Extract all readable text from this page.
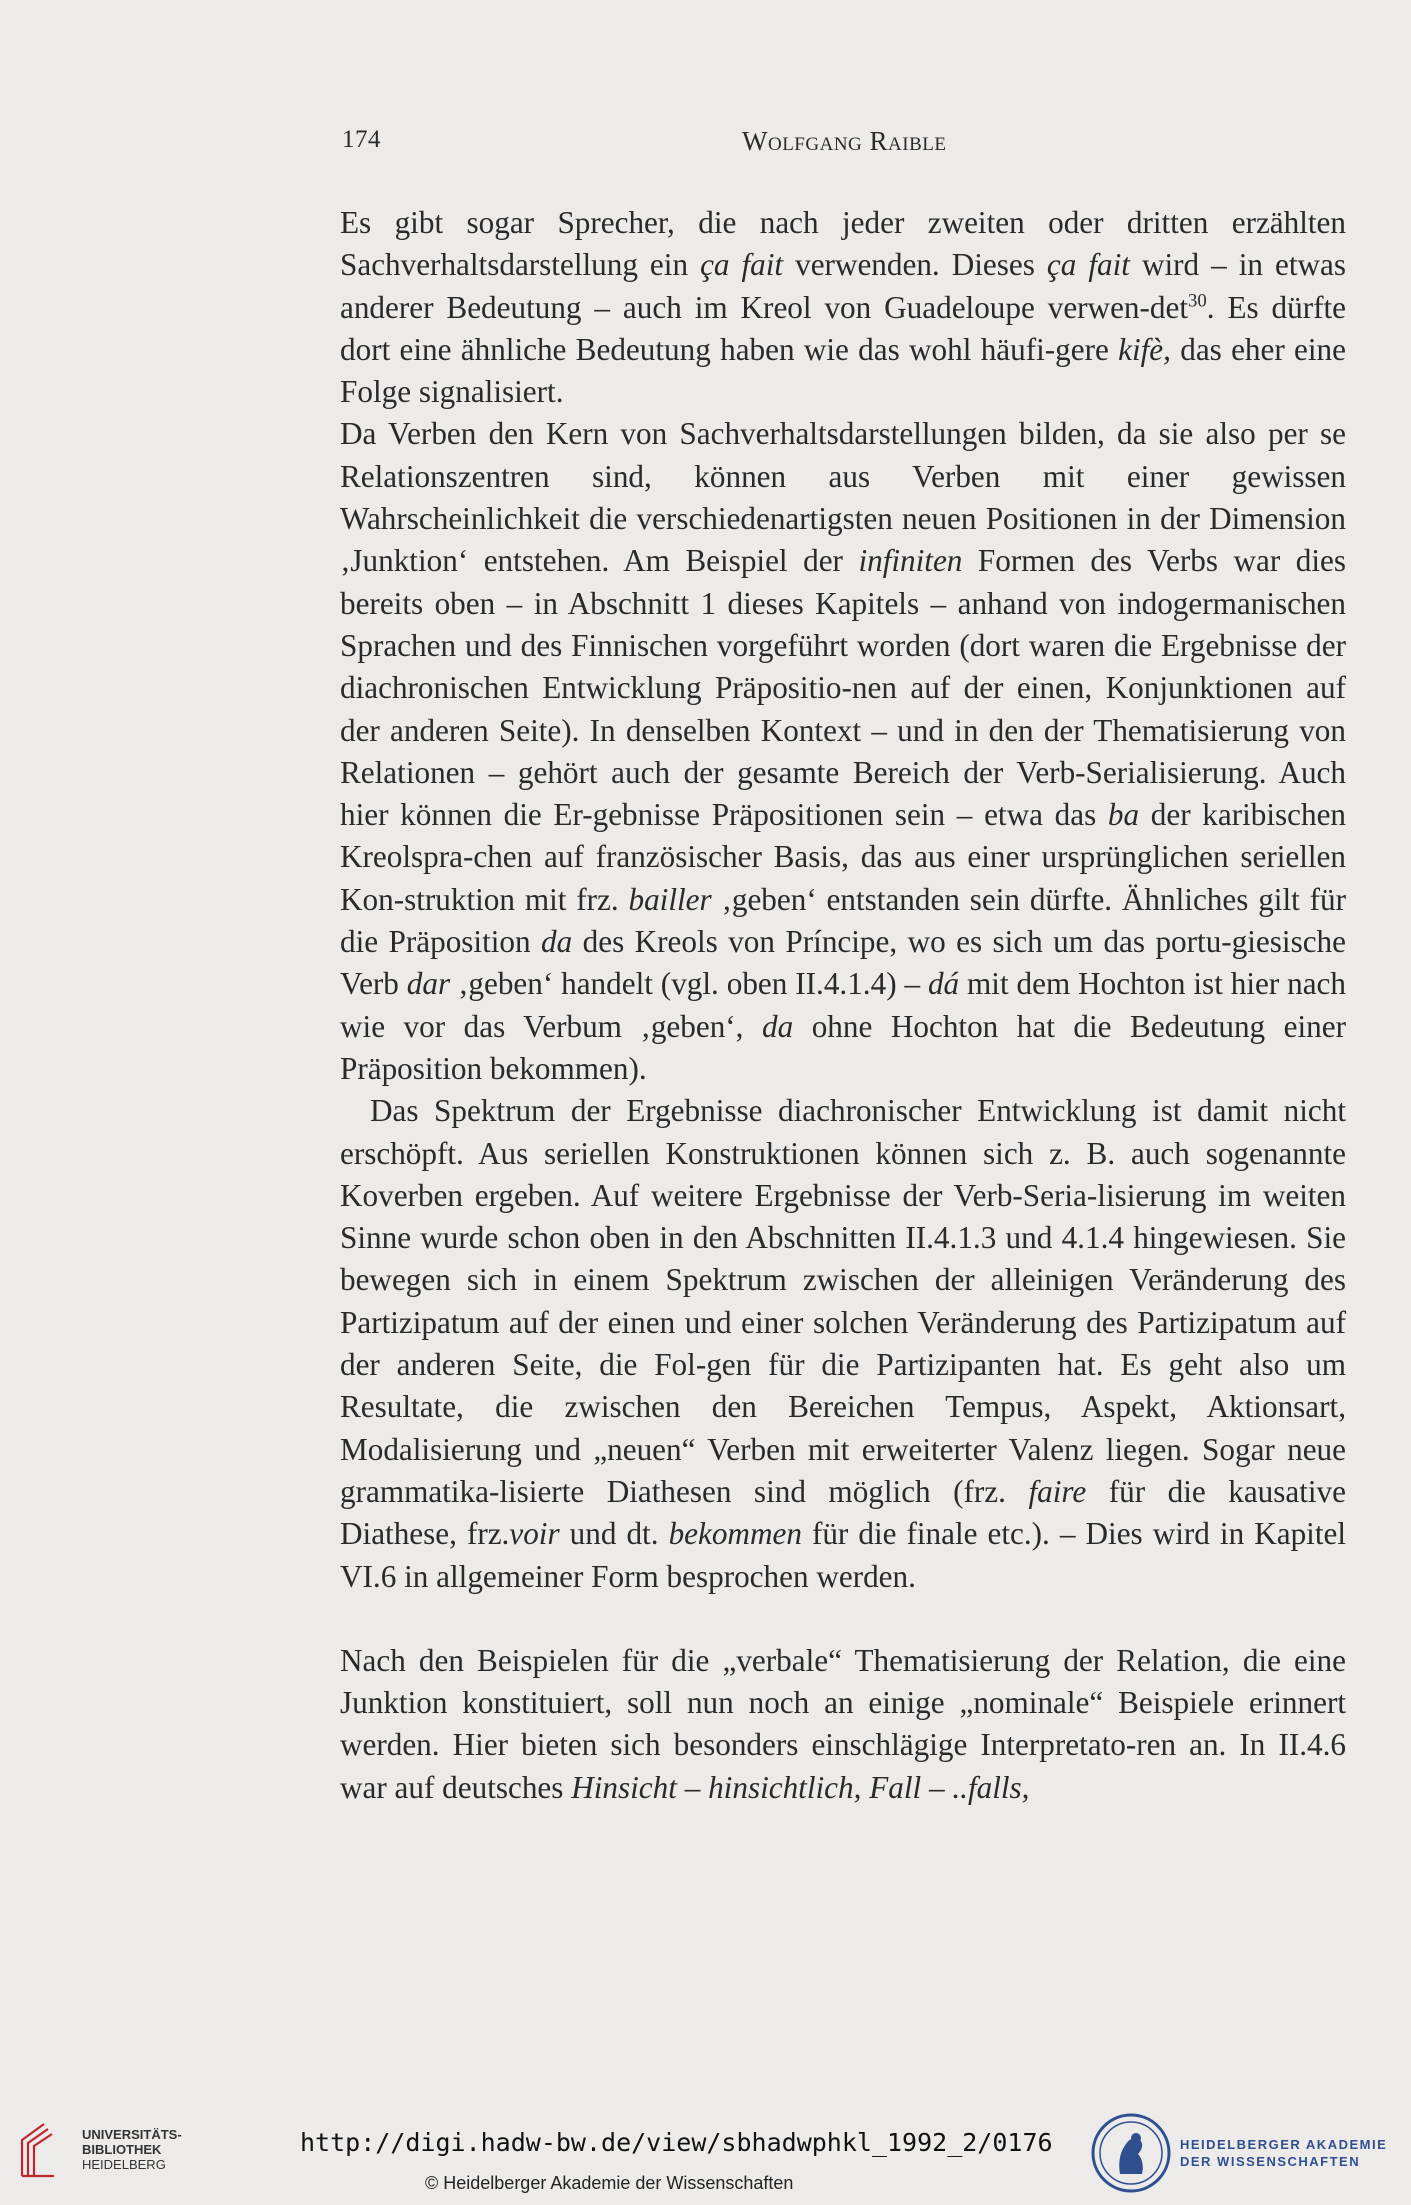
174	Wolfgang Raible

Es gibt sogar Sprecher, die nach jeder zweiten oder dritten erzählten Sachverhaltsdarstellung ein ça fait verwenden. Dieses ça fait wird – in etwas anderer Bedeutung – auch im Kreol von Guadeloupe verwen-$\det^{30}$. Es dürfte dort eine ähnliche Bedeutung haben wie das wohl häufi-gere kifè, das eher eine Folge signalisiert.

Da Verben den Kern von Sachverhaltsdarstellungen bilden, da sie also per se Relationszentren sind, können aus Verben mit einer gewissen Wahrscheinlichkeit die verschiedenartigsten neuen Positionen in der Dimension ‚Junktion‘ entstehen. Am Beispiel der infiniten Formen des Verbs war dies bereits oben – in Abschnitt 1 dieses Kapitels – anhand von indogermanischen Sprachen und des Finnischen vorgeführt worden (dort waren die Ergebnisse der diachronischen Entwicklung Präpositio-nen auf der einen, Konjunktionen auf der anderen Seite). In denselben Kontext – und in den der Thematisierung von Relationen – gehört auch der gesamte Bereich der Verb-Serialisierung. Auch hier können die Er-gebnisse Präpositionen sein – etwa das ba der karibischen Kreolspra-chen auf französischer Basis, das aus einer ursprünglichen seriellen Kon-struktion mit frz. bailler ‚geben‘ entstanden sein dürfte. Ähnliches gilt für die Präposition da des Kreols von Príncipe, wo es sich um das portu-giesische Verb dar ‚geben‘ handelt (vgl. oben II.4.1.4) – dá mit dem Hochton ist hier nach wie vor das Verbum ‚geben‘, da ohne Hochton hat die Bedeutung einer Präposition bekommen).

Das Spektrum der Ergebnisse diachronischer Entwicklung ist damit nicht erschöpft. Aus seriellen Konstruktionen können sich z. B. auch sogenannte Koverben ergeben. Auf weitere Ergebnisse der Verb-Seria-lisierung im weiten Sinne wurde schon oben in den Abschnitten II.4.1.3 und 4.1.4 hingewiesen. Sie bewegen sich in einem Spektrum zwischen der alleinigen Veränderung des Partizipatum auf der einen und einer solchen Veränderung des Partizipatum auf der anderen Seite, die Fol-gen für die Partizipanten hat. Es geht also um Resultate, die zwischen den Bereichen Tempus, Aspekt, Aktionsart, Modalisierung und „neuen“ Verben mit erweiterter Valenz liegen. Sogar neue grammatika-lisierte Diathesen sind möglich (frz. faire für die kausative Diathese, frz.voir und dt. bekommen für die finale etc.). – Dies wird in Kapitel VI.6 in allgemeiner Form besprochen werden.

Nach den Beispielen für die „verbale“ Thematisierung der Relation, die eine Junktion konstituiert, soll nun noch an einige „nominale“ Beispiele erinnert werden. Hier bieten sich besonders einschlägige Interpretato-ren an. In II.4.6 war auf deutsches Hinsicht – hinsichtlich, Fall – ..falls,

UNIVERSITÄTS-
BIBLIOTHEK
HEIDELBERG
http://digi.hadw-bw.de/view/sbhadwphkl_1992_2/0176
© Heidelberger Akademie der Wissenschaften
HEIDELBERGER AKADEMIE
DER WISSENSCHAFTEN
